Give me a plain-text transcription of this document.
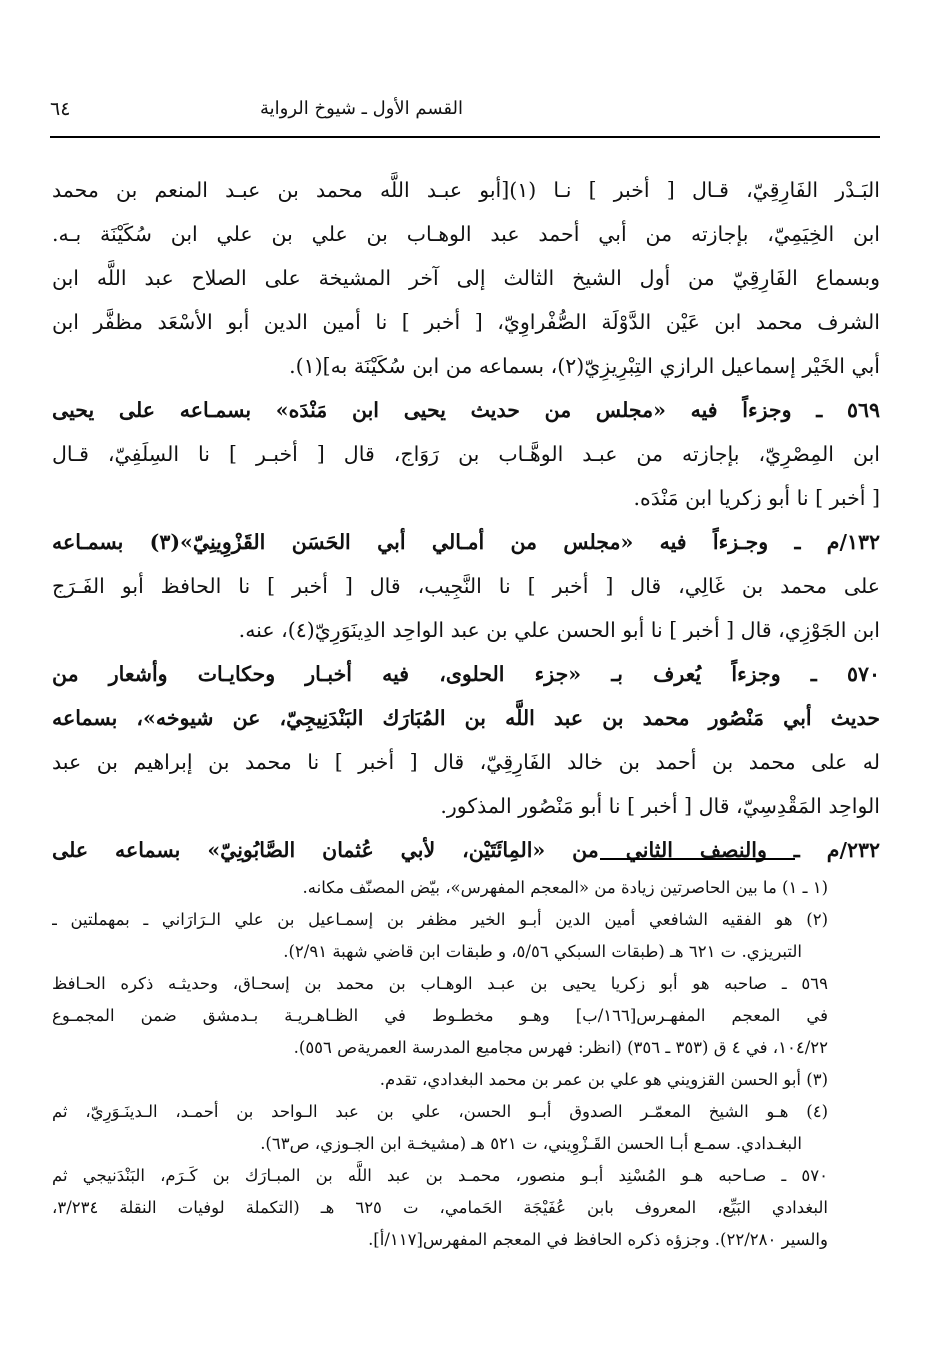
القسم الأول ـ شيوخ الرواية
٦٤
البَـدْر الفَارِقِيّ، قـال [ أخبر ] نـا (١)[أبو عبـد اللَّه محمد بن عبـد المنعم بن محمد
ابن الخِيَمِيّ، بإجازته من أبي أحمد عبد الوهـاب بن علي بن علي ابن سُكَيْنَة بـه.
وبسماع الفَارِقِيّ من أول الشيخ الثالث إلى آخر المشيخة على الصلاح عبد اللَّه ابن
الشرف محمد ابن عَيْن الدَّوْلَة الصُّفْراوِيّ، [ أخبر ] نا أمين الدين أبو الأسْعَد مظفَّر ابن
أبي الخَيْر إسماعيل الرازي التِبْرِيزِيّ(٢)، بسماعه من ابن سُكَيْنَة به](١).
٥٦٩ ـ وجزءاً فيه «مجلس من حديث يحيى ابن مَنْدَه» بسمـاعه على يحيى
ابن المِصْرِيّ، بإجازته من عبـد الوهَّـاب بن رَوَاج، قال [ أخبـر ] نا السِلَفِيّ، قـال
[ أخبر ] نا أبو زكريا ابن مَنْدَه.
١٣٢/م ـ وجـزءاً فيه «مجلس من أمـالي أبي الحَسَن القَزْوِينِيّ»(٣) بسمـاعه
على محمد بن غَالِي، قال [ أخبر ] نا النَّجِيب، قال [ أخبر ] نا الحافظ أبو الفَـرَج
ابن الجَوْزِي، قال [ أخبر ] نا أبو الحسن علي بن عبد الواحِد الدِينَوَرِيّ(٤)، عنه.
٥٧٠ ـ وجزءاً يُعرف بـ «جزء الحلوى، فيه أخبـار وحكايـات وأشعار من
حديث أبي مَنْصُور محمد بن عبد اللَّه بن المُبَارَك البَنْدَنِيجِيّ، عن شيوخه»، بسماعه
له على محمد بن أحمد بن خالد الفَارِقِيّ، قال [ أخبر ] نا محمد بن إبراهيم بن عبد
الواحِد المَقْدِسِيّ، قال [ أخبر ] نا أبو مَنْصُور المذكور.
٢٣٢/م ـ والنصف الثاني من «المِائَتَيْن، لأبي عُثمان الصَّابُونِيّ» بسماعه على
(١ ـ ١) ما بين الحاصرتين زيادة من «المعجم المفهرس»، بيّض المصنّف مكانه.
(٢) هو الفقيه الشافعي أمين الدين أبـو الخير مظفر بن إسمـاعيل بن علي الـرَارَاني ـ بمهملتين ـ
التبريزي. ت ٦٢١ هـ (طبقات السبكي ٥/٥٦، و طبقات ابن قاضي شهبة ٢/٩١).
٥٦٩ ـ صاحبه هو أبو زكريا يحيى بن عبـد الوهـاب بن محمد بن إسحـاق، وحديثـه ذكره الحـافظ
في المعجم المفهـرس[١٦٦/ب] وهـو مخطـوط في الظـاهـريـة بـدمشق ضمن المجمـوع
١٠٤/٢٢، في ٤ ق (٣٥٣ ـ ٣٥٦) (انظر: فهرس مجاميع المدرسة العمريةص ٥٥٦).
(٣) أبو الحسن القزويني هو علي بن عمر بن محمد البغدادي، تقدم.
(٤) هـو الشيخ المعمّـر الصدوق أبـو الحسن، علي بن عبد الـواحد بن أحمـد، الـدينَـوَرِيّ، ثم
البغـدادي. سمـع أبـا الحسن القَـزْوِيني، ت ٥٢١ هـ (مشيخـة ابن الجـوزي، ص٦٣).
٥٧٠ ـ صـاحبه هـو المُسْنِد أبـو منصور، محمـد بن عبد اللَّه بن المبـارَك بن كَـرَم، البَنْدَنيجي ثم
البغدادي البَيِّع، المعروف بابن عُفَيْجَة الحَمامي، ت ٦٢٥ هـ (التكملة لوفيات النقلة ٣/٢٣٤،
والسير ٢٢/٢٨٠). وجزؤه ذكره الحافظ في المعجم المفهرس[١١٧/أ].
